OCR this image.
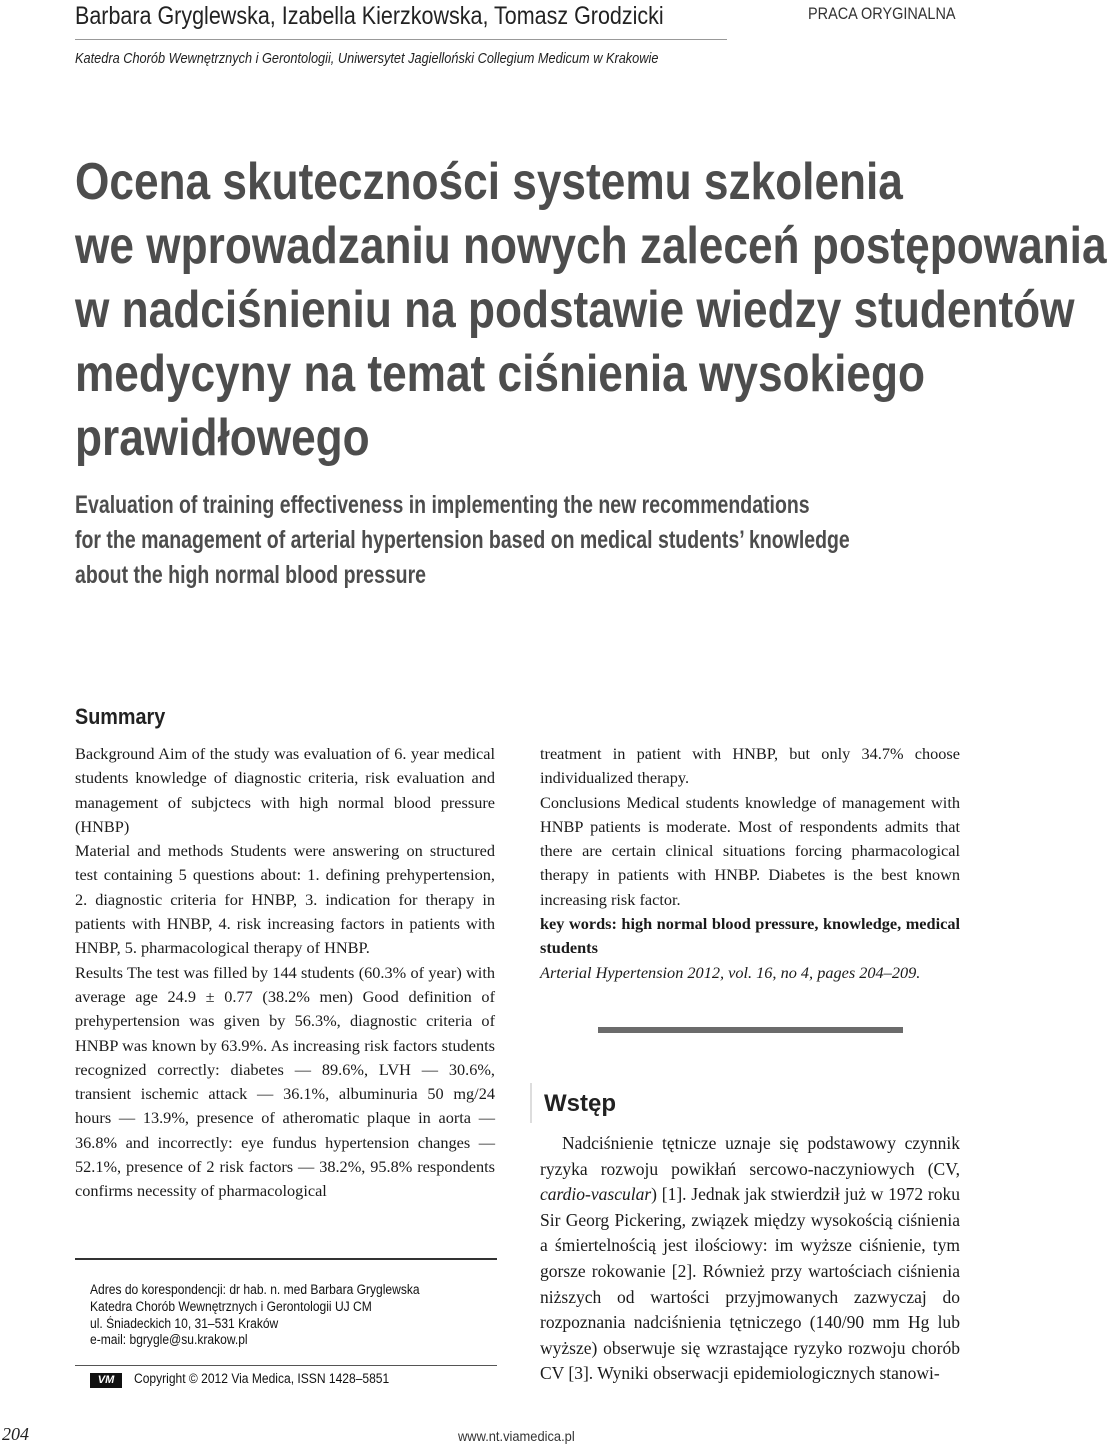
Barbara Gryglewska, Izabella Kierzkowska, Tomasz Grodzicki	PRACA ORYGINALNA
Katedra Chorób Wewnętrznych i Gerontologii, Uniwersytet Jagielloński Collegium Medicum w Krakowie
Ocena skuteczności systemu szkolenia
we wprowadzaniu nowych zaleceń postępowania
w nadciśnieniu na podstawie wiedzy studentów
medycyny na temat ciśnienia wysokiego
prawidłowego
Evaluation of training effectiveness in implementing the new recommendations
for the management of arterial hypertension based on medical students’ knowledge
about the high normal blood pressure
Summary

Background Aim of the study was evaluation of 6. year medical students knowledge of diagnostic criteria, risk evaluation and management of subjctecs with high normal blood pressure (HNBP)

Material and methods Students were answering on structured test containing 5 questions about: 1. defining prehypertension, 2. diagnostic criteria for HNBP, 3. indication for therapy in patients with HNBP, 4. risk increasing factors in patients with HNBP, 5. pharmacological therapy of HNBP.

Results The test was filled by 144 students (60.3% of year) with average age 24.9 ± 0.77 (38.2% men) Good definition of prehypertension was given by 56.3%, diagnostic criteria of HNBP was known by 63.9%. As increasing risk factors students recognized correctly: diabetes — 89.6%, LVH — 30.6%, transient ischemic attack — 36.1%, albuminuria 50 mg/24 hours — 13.9%, presence of atheromatic plaque in aorta — 36.8% and incorrectly: eye fundus hypertension changes — 52.1%, presence of 2 risk factors — 38.2%, 95.8% respondents confirms necessity of pharmacological

treatment in patient with HNBP, but only 34.7% choose individualized therapy.

Conclusions Medical students knowledge of management with HNBP patients is moderate. Most of respondents admits that there are certain clinical situations forcing pharmacological therapy in patients with HNBP. Diabetes is the best known increasing risk factor.

key words: high normal blood pressure, knowledge, medical students

Arterial Hypertension 2012, vol. 16, no 4, pages 204–209.

Wstęp
Nadciśnienie tętnicze uznaje się podstawowy czynnik ryzyka rozwoju powikłań sercowo-naczyniowych (CV, cardio-vascular) [1]. Jednak jak stwierdził już w 1972 roku Sir Georg Pickering, związek między wysokością ciśnienia a śmiertelnością jest ilościowy: im wyższe ciśnienie, tym gorsze rokowanie [2]. Również przy wartościach ciśnienia niższych od wartości przyjmowanych zazwyczaj do rozpoznania nadciśnienia tętniczego (140/90 mm Hg lub wyższe) obserwuje się wzrastające ryzyko rozwoju chorób CV [3]. Wyniki obserwacji epidemiologicznych stanowi-
Adres do korespondencji: dr hab. n. med Barbara Gryglewska
Katedra Chorób Wewnętrznych i Gerontologii UJ CM
ul. Śniadeckich 10, 31–531 Kraków
e-mail: bgrygle@su.krakow.pl
VM	Copyright © 2012 Via Medica, ISSN 1428–5851
204	www.nt.viamedica.pl
